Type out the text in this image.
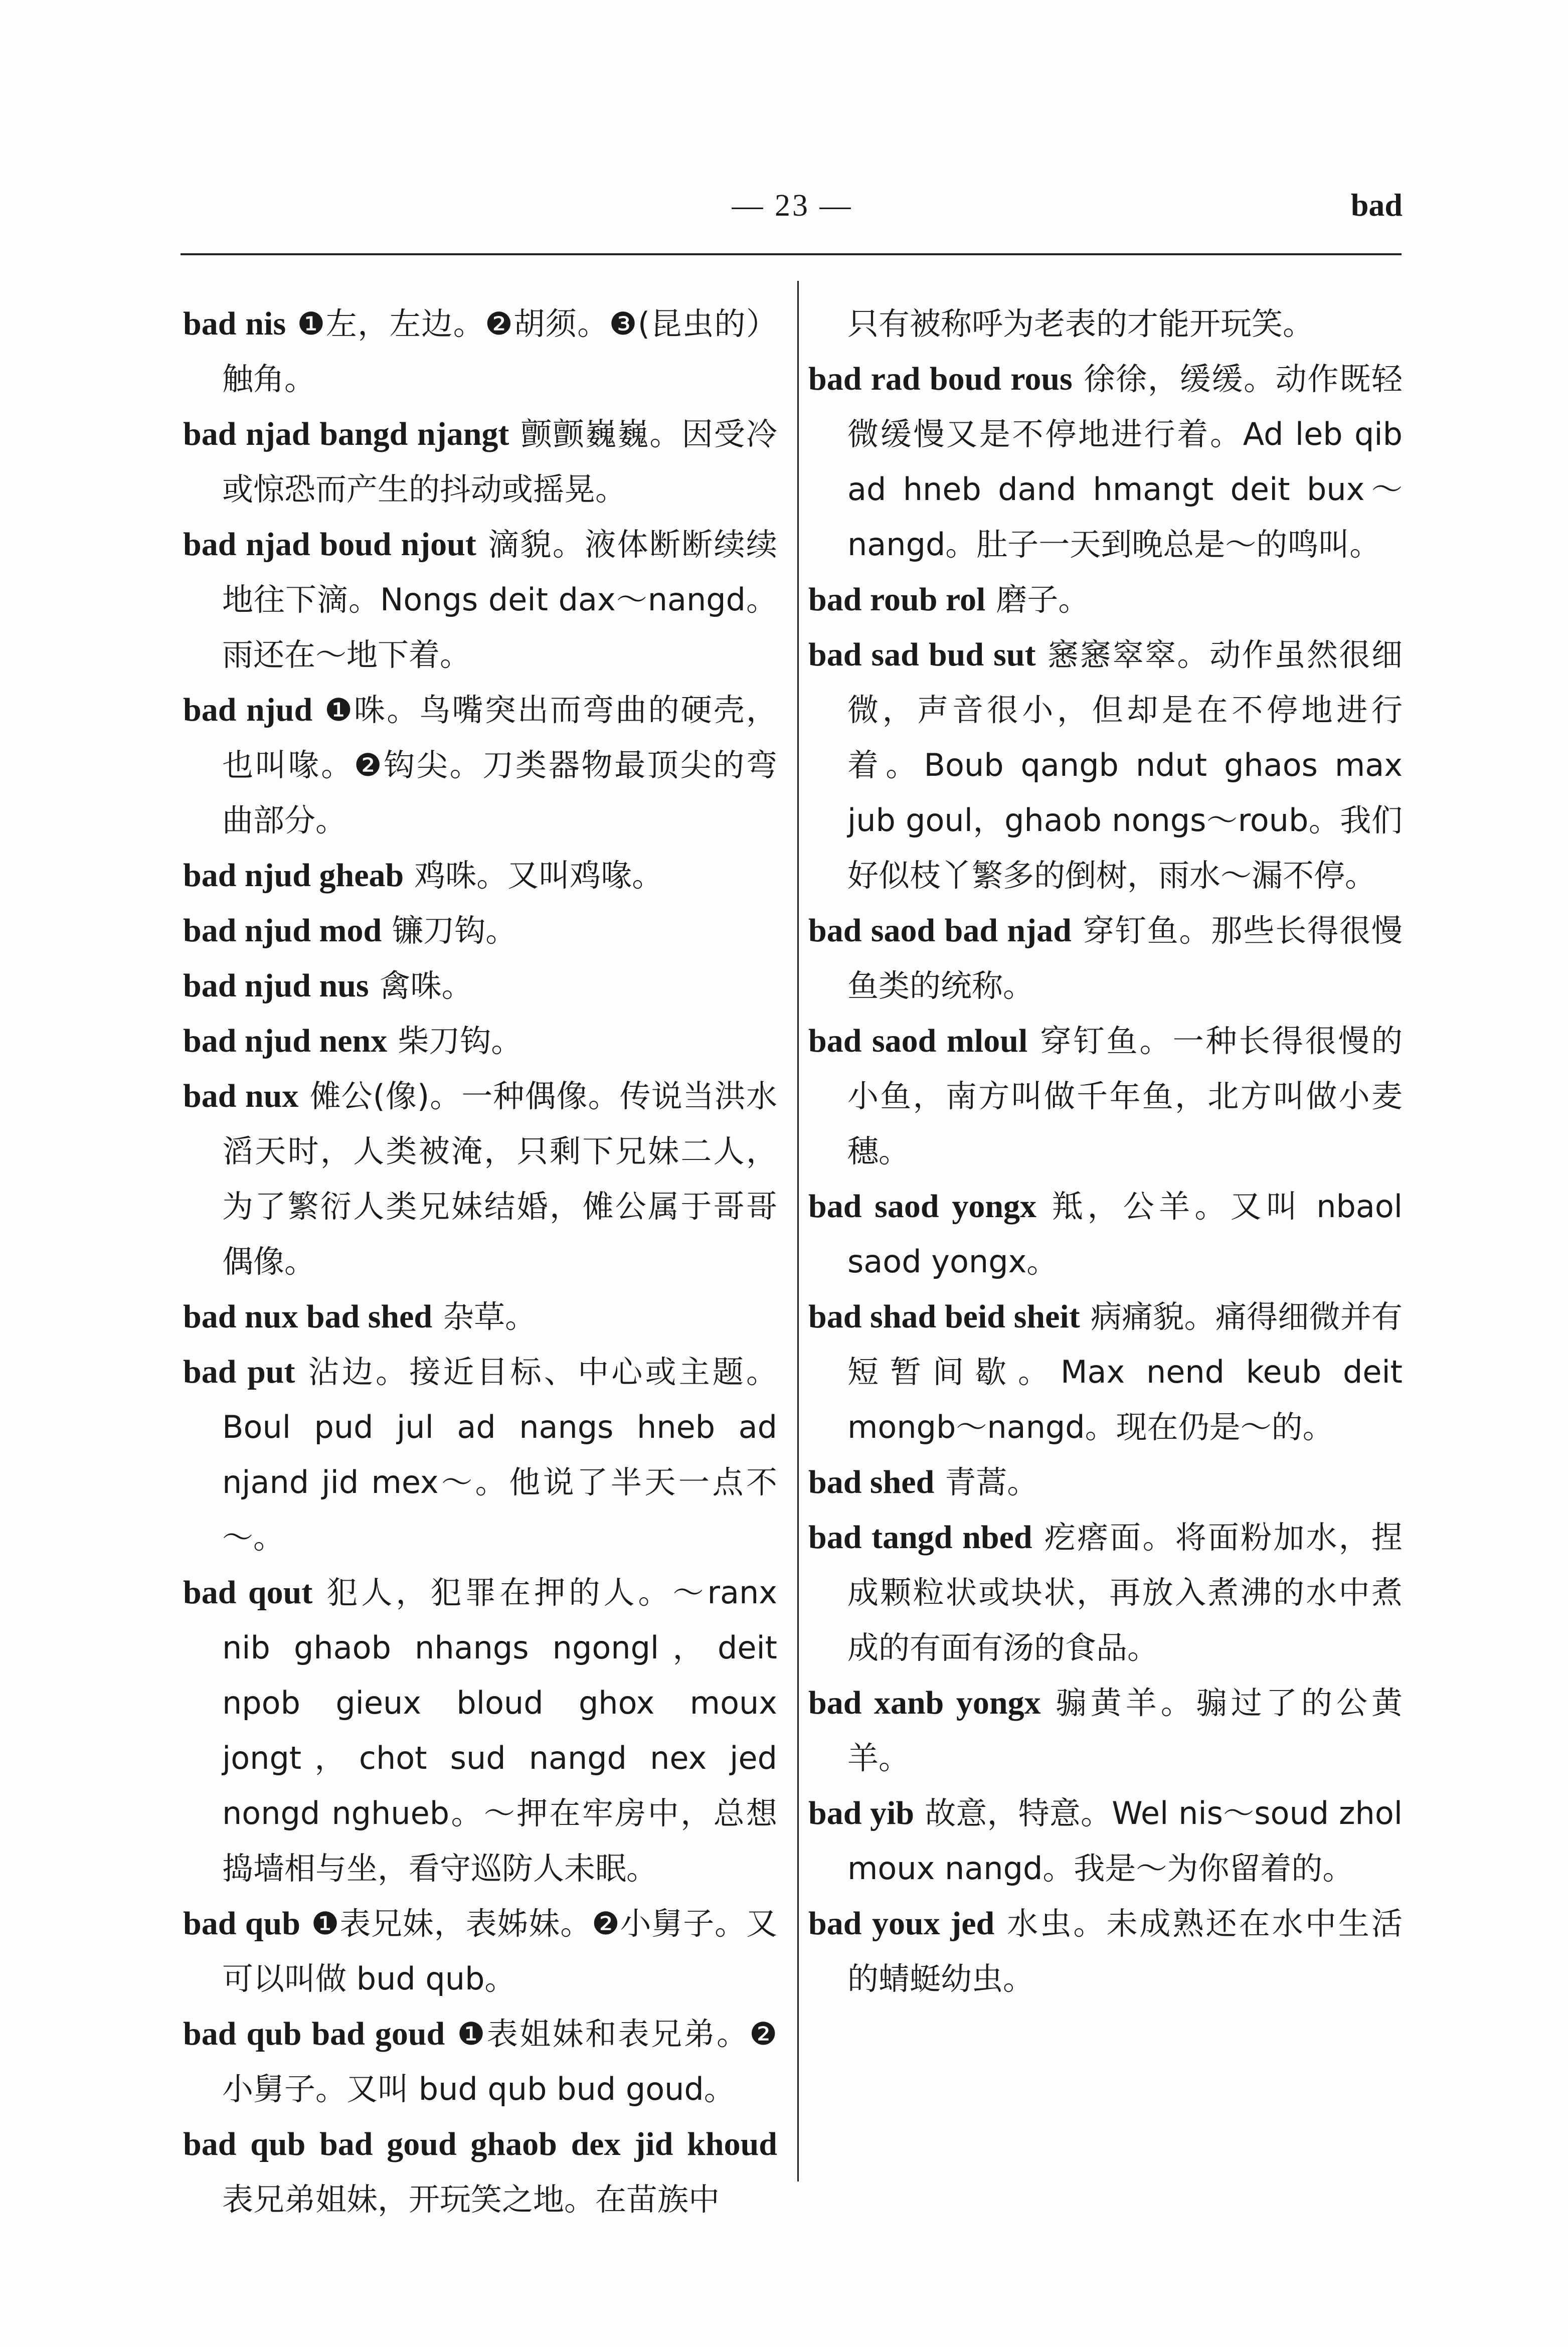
— 23 —	bad

bad nis ❶左，左边。❷胡须。❸(昆虫的）触角。

bad njad bangd njangt 颤颤巍巍。因受冷或惊恐而产生的抖动或摇晃。

bad njad boud njout 滴貌。液体断断续续地往下滴。Nongs deit dax～nangd。雨还在～地下着。

bad njud ❶咮。鸟嘴突出而弯曲的硬壳，也叫喙。❷钩尖。刀类器物最顶尖的弯曲部分。

bad njud gheab 鸡咮。又叫鸡喙。

bad njud mod 镰刀钩。

bad njud nus 禽咮。

bad njud nenx 柴刀钩。

bad nux 傩公(像)。一种偶像。传说当洪水滔天时，人类被淹，只剩下兄妹二人，为了繁衍人类兄妹结婚，傩公属于哥哥偶像。

bad nux bad shed 杂草。

bad put 沾边。接近目标、中心或主题。Boul pud jul ad nangs hneb ad njand jid mex～。他说了半天一点不～。

bad qout 犯人，犯罪在押的人。～ranx nib ghaob nhangs ngongl，deit npob gieux bloud ghox moux jongt，chot sud nangd nex jed nongd nghueb。～押在牢房中，总想捣墙相与坐，看守巡防人未眠。

bad qub ❶表兄妹，表姊妹。❷小舅子。又可以叫做 bud qub。

bad qub bad goud ❶表姐妹和表兄弟。❷小舅子。又叫 bud qub bud goud。

bad qub bad goud ghaob dex jid khoud 表兄弟姐妹，开玩笑之地。在苗族中

只有被称呼为老表的才能开玩笑。

bad rad boud rous 徐徐，缓缓。动作既轻微缓慢又是不停地进行着。Ad leb qib ad hneb dand hmangt deit bux～nangd。肚子一天到晚总是～的鸣叫。

bad roub rol 磨子。

bad sad bud sut 窸窸窣窣。动作虽然很细微，声音很小，但却是在不停地进行着。Boub qangb ndut ghaos max jub goul，ghaob nongs～roub。我们好似枝丫繁多的倒树，雨水～漏不停。

bad saod bad njad 穿钉鱼。那些长得很慢鱼类的统称。

bad saod mloul 穿钉鱼。一种长得很慢的小鱼，南方叫做千年鱼，北方叫做小麦穗。

bad saod yongx 羝，公羊。又叫 nbaol saod yongx。

bad shad beid sheit 病痛貌。痛得细微并有短暂间歇。Max nend keub deit mongb～nangd。现在仍是～的。

bad shed 青蒿。

bad tangd nbed 疙瘩面。将面粉加水，捏成颗粒状或块状，再放入煮沸的水中煮成的有面有汤的食品。

bad xanb yongx 骟黄羊。骟过了的公黄羊。

bad yib 故意，特意。Wel nis～soud zhol moux nangd。我是～为你留着的。

bad youx jed 水虫。未成熟还在水中生活的蜻蜓幼虫。
